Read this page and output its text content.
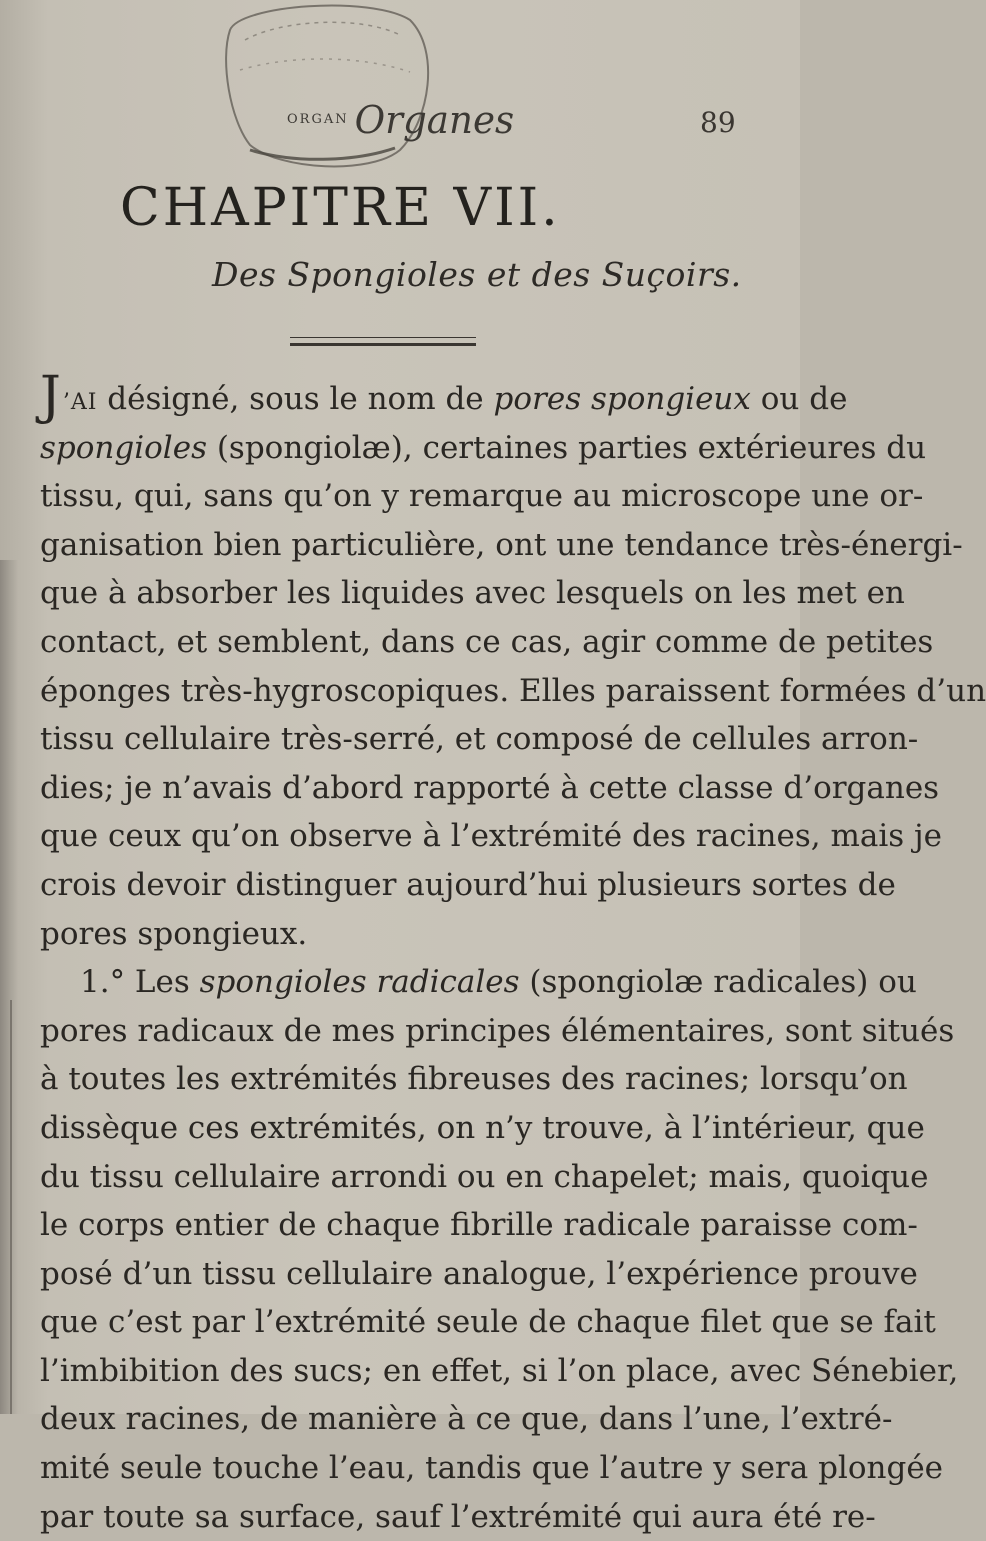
ORGAN Organes	89
CHAPITRE VII.
Des Spongioles et des Suçoirs.
J’AI désigné, sous le nom de pores spongieux ou de
spongioles (spongiolæ), certaines parties extérieures du
tissu, qui, sans qu’on y remarque au microscope une or-
ganisation bien particulière, ont une tendance très-énergi-
que à absorber les liquides avec lesquels on les met en
contact, et semblent, dans ce cas, agir comme de petites
éponges très-hygroscopiques. Elles paraissent formées d’un
tissu cellulaire très-serré, et composé de cellules arron-
dies; je n’avais d’abord rapporté à cette classe d’organes
que ceux qu’on observe à l’extrémité des racines, mais je
crois devoir distinguer aujourd’hui plusieurs sortes de
pores spongieux.
1.° Les spongioles radicales (spongiolæ radicales) ou
pores radicaux de mes principes élémentaires, sont situés
à toutes les extrémités fibreuses des racines; lorsqu’on
dissèque ces extrémités, on n’y trouve, à l’intérieur, que
du tissu cellulaire arrondi ou en chapelet; mais, quoique
le corps entier de chaque fibrille radicale paraisse com-
posé d’un tissu cellulaire analogue, l’expérience prouve
que c’est par l’extrémité seule de chaque filet que se fait
l’imbibition des sucs; en effet, si l’on place, avec Sénebier,
deux racines, de manière à ce que, dans l’une, l’extré-
mité seule touche l’eau, tandis que l’autre y sera plongée
par toute sa surface, sauf l’extrémité qui aura été re-
